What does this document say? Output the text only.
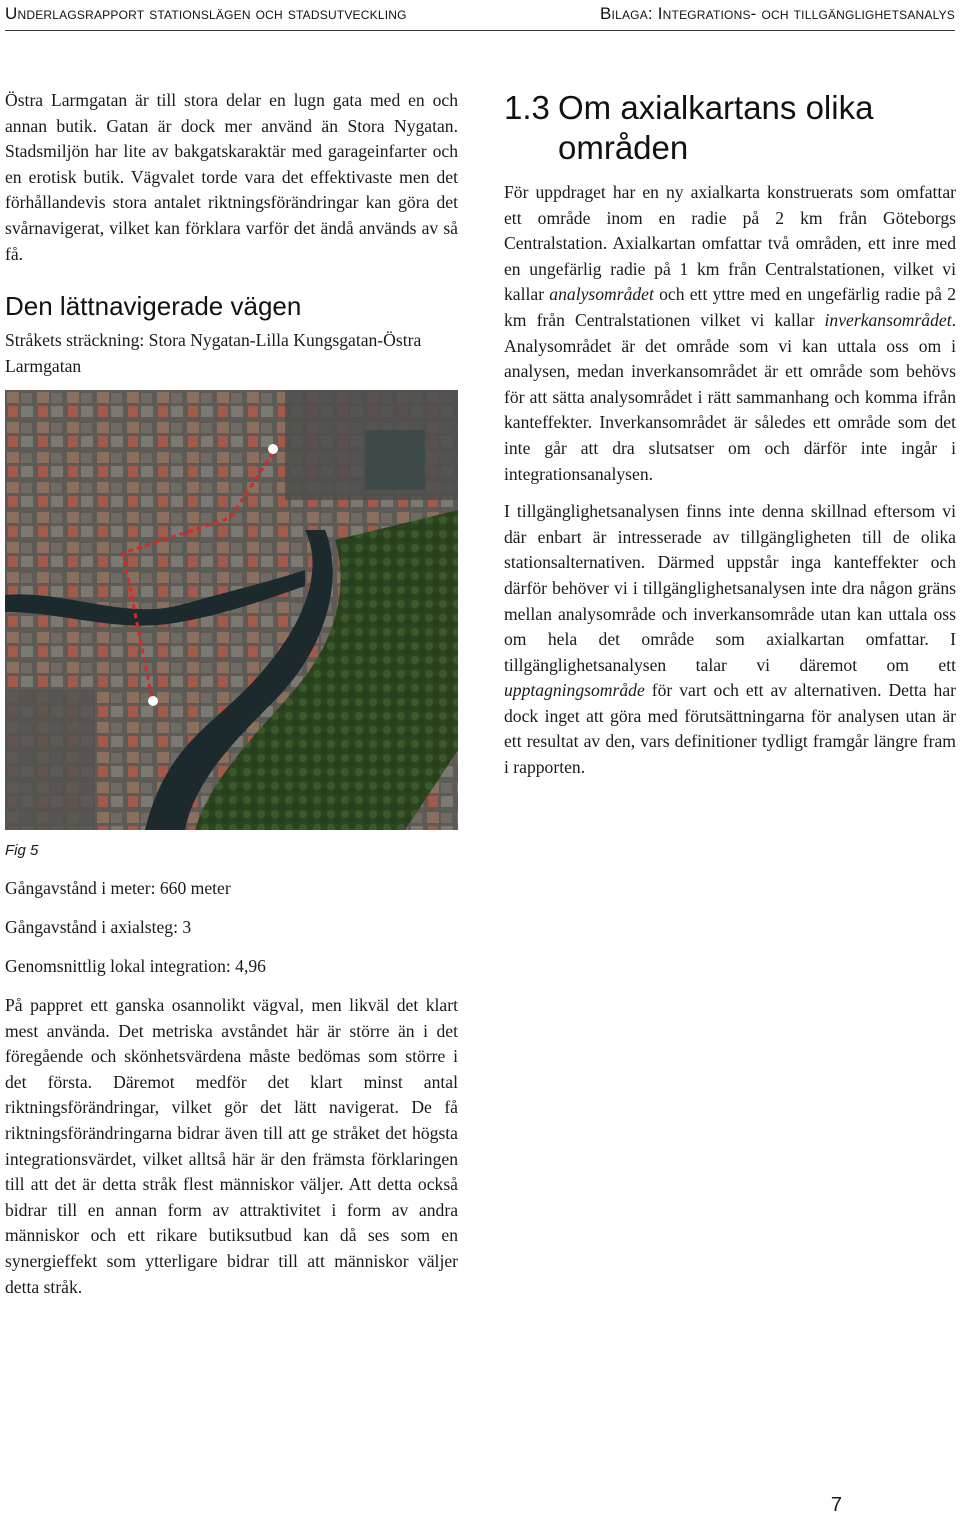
Underlagsrapport stationslägen och stadsutveckling	Bilaga: Integrations- och tillgänglighetsanalys

Östra Larmgatan är till stora delar en lugn gata med en och annan butik. Gatan är dock mer använd än Stora Nygatan. Stadsmiljön har lite av bakgatskaraktär med garageinfarter och en erotisk butik. Vägvalet torde vara det effektivaste men det förhållandevis stora antalet riktningsförändringar kan göra det svårnavigerat, vilket kan förklara varför det ändå används av så få.

Den lättnavigerade vägen

Stråkets sträckning: Stora Nygatan-Lilla Kungsgatan-Östra Larmgatan

Fig 5
Gångavstånd i meter: 660 meter
Gångavstånd i axialsteg: 3
Genomsnittlig lokal integration: 4,96

På pappret ett ganska osannolikt vägval, men likväl det klart mest använda. Det metriska avståndet här är större än i det föregående och skönhetsvärdena måste bedömas som större i det första. Däremot medför det klart minst antal riktningsförändringar, vilket gör det lätt navigerat. De få riktningsförändringarna bidrar även till att ge stråket det högsta integrationsvärdet, vilket alltså här är den främsta förklaringen till att det är detta stråk flest människor väljer. Att detta också bidrar till en annan form av attraktivitet i form av andra människor och ett rikare butiksutbud kan då ses som en synergieffekt som ytterligare bidrar till att människor väljer detta stråk.

1.3 Om axialkartans olika områden

För uppdraget har en ny axialkarta konstruerats som omfattar ett område inom en radie på 2 km från Göteborgs Centralstation. Axialkartan omfattar två områden, ett inre med en ungefärlig radie på 1 km från Centralstationen, vilket vi kallar analysområdet och ett yttre med en ungefärlig radie på 2 km från Centralstationen vilket vi kallar inverkansområdet. Analysområdet är det område som vi kan uttala oss om i analysen, medan inverkansområdet är ett område som behövs för att sätta analysområdet i rätt sammanhang och komma ifrån kanteffekter. Inverkansområdet är således ett område som det inte går att dra slutsatser om och därför inte ingår i integrationsanalysen.

I tillgänglighetsanalysen finns inte denna skillnad eftersom vi där enbart är intresserade av tillgängligheten till de olika stationsalternativen. Därmed uppstår inga kanteffekter och därför behöver vi i tillgänglighetsanalysen inte dra någon gräns mellan analysområde och inverkansområde utan kan uttala oss om hela det område som axialkartan omfattar. I tillgänglighetsanalysen talar vi däremot om ett upptagningsområde för vart och ett av alternativen. Detta har dock inget att göra med förutsättningarna för analysen utan är ett resultat av den, vars definitioner tydligt framgår längre fram i rapporten.

7
